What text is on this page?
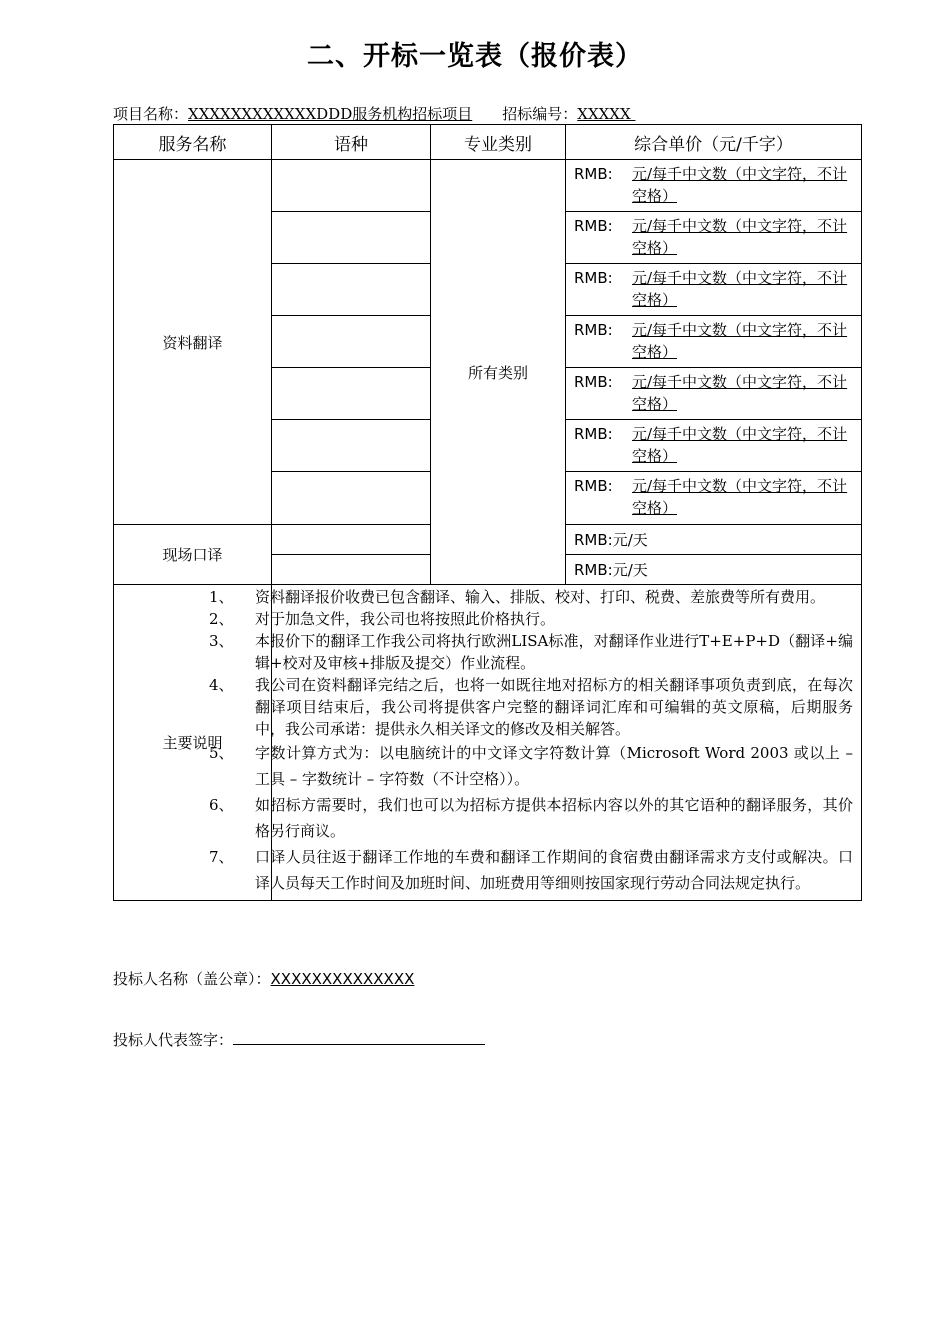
二、开标一览表（报价表）
项目名称：XXXXXXXXXXXXDDD服务机构招标项目 招标编号：XXXXX
服务名称	语种	专业类别	综合单价（元/千字）
资料翻译		所有类别	RMB: 元/每千中文数（中文字符，不计空格）

			RMB: 元/每千中文数（中文字符，不计空格）

			RMB: 元/每千中文数（中文字符，不计空格）

			RMB: 元/每千中文数（中文字符，不计空格）

			RMB: 元/每千中文数（中文字符，不计空格）

			RMB: 元/每千中文数（中文字符，不计空格）

			RMB: 元/每千中文数（中文字符，不计空格）

现场口译			RMB:元/天
			RMB:元/天
主要说明			
1、	资料翻译报价收费已包含翻译、输入、排版、校对、打印、税费、差旅费等所有费用。
2、	对于加急文件，我公司也将按照此价格执行。
3、	本报价下的翻译工作我公司将执行欧洲LISA标准，对翻译作业进行T+E+P+D（翻译+编辑+校对及审核+排版及提交）作业流程。
4、	我公司在资料翻译完结之后，也将一如既往地对招标方的相关翻译事项负责到底，在每次翻译项目结束后，我公司将提供客户完整的翻译词汇库和可编辑的英文原稿，后期服务中，我公司承诺：提供永久相关译文的修改及相关解答。
5、	字数计算方式为：以电脑统计的中文译文字符数计算（Microsoft Word 2003 或以上 – 工具 – 字数统计 – 字符数（不计空格））。
6、	如招标方需要时，我们也可以为招标方提供本招标内容以外的其它语种的翻译服务，其价格另行商议。
7、	口译人员往返于翻译工作地的车费和翻译工作期间的食宿费由翻译需求方支付或解决。口译人员每天工作时间及加班时间、加班费用等细则按国家现行劳动合同法规定执行。
投标人名称（盖公章）：XXXXXXXXXXXXXX
投标人代表签字：
